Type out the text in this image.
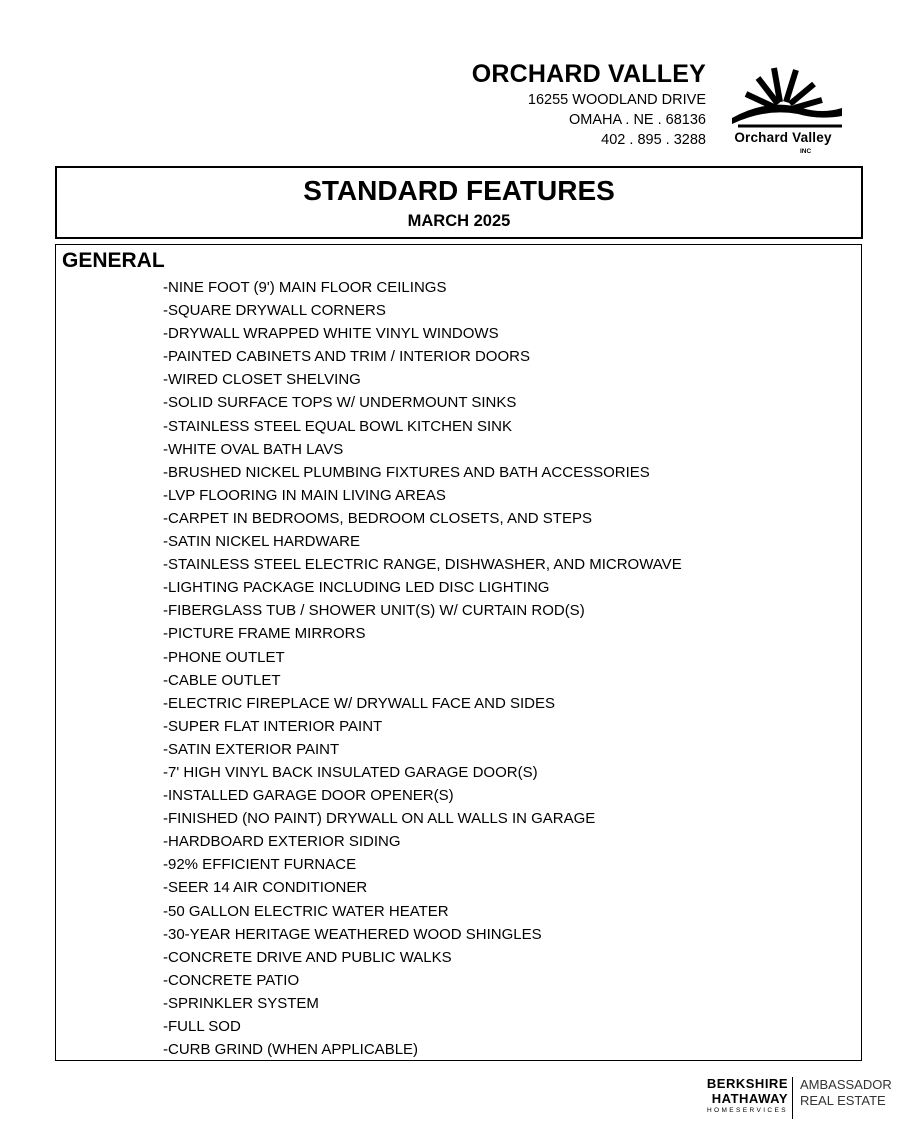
ORCHARD VALLEY
16255 WOODLAND DRIVE
OMAHA . NE . 68136
402 . 895 . 3288	Orchard Valley
INC
STANDARD FEATURES
MARCH 2025
GENERAL
-NINE FOOT (9') MAIN FLOOR CEILINGS
-SQUARE DRYWALL CORNERS
-DRYWALL WRAPPED WHITE VINYL WINDOWS
-PAINTED CABINETS AND TRIM / INTERIOR DOORS
-WIRED CLOSET SHELVING
-SOLID SURFACE TOPS W/ UNDERMOUNT SINKS
-STAINLESS STEEL EQUAL BOWL KITCHEN SINK
-WHITE OVAL BATH LAVS
-BRUSHED NICKEL PLUMBING FIXTURES AND BATH ACCESSORIES
-LVP FLOORING IN MAIN LIVING AREAS
-CARPET IN BEDROOMS, BEDROOM CLOSETS, AND STEPS
-SATIN NICKEL HARDWARE
-STAINLESS STEEL ELECTRIC RANGE, DISHWASHER, AND MICROWAVE
-LIGHTING PACKAGE INCLUDING LED DISC LIGHTING
-FIBERGLASS TUB / SHOWER UNIT(S) W/ CURTAIN ROD(S)
-PICTURE FRAME MIRRORS
-PHONE OUTLET
-CABLE OUTLET
-ELECTRIC FIREPLACE W/ DRYWALL FACE AND SIDES
-SUPER FLAT INTERIOR PAINT
-SATIN EXTERIOR PAINT
-7' HIGH VINYL BACK INSULATED GARAGE DOOR(S)
-INSTALLED GARAGE DOOR OPENER(S)
-FINISHED (NO PAINT) DRYWALL ON ALL WALLS IN GARAGE
-HARDBOARD EXTERIOR SIDING
-92% EFFICIENT FURNACE
-SEER 14 AIR CONDITIONER
-50 GALLON ELECTRIC WATER HEATER
-30-YEAR HERITAGE WEATHERED WOOD SHINGLES
-CONCRETE DRIVE AND PUBLIC WALKS
-CONCRETE PATIO
-SPRINKLER SYSTEM
-FULL SOD
-CURB GRIND (WHEN APPLICABLE)
BERKSHIRE
HATHAWAY
HOMESERVICES
AMBASSADOR
REAL ESTATE
